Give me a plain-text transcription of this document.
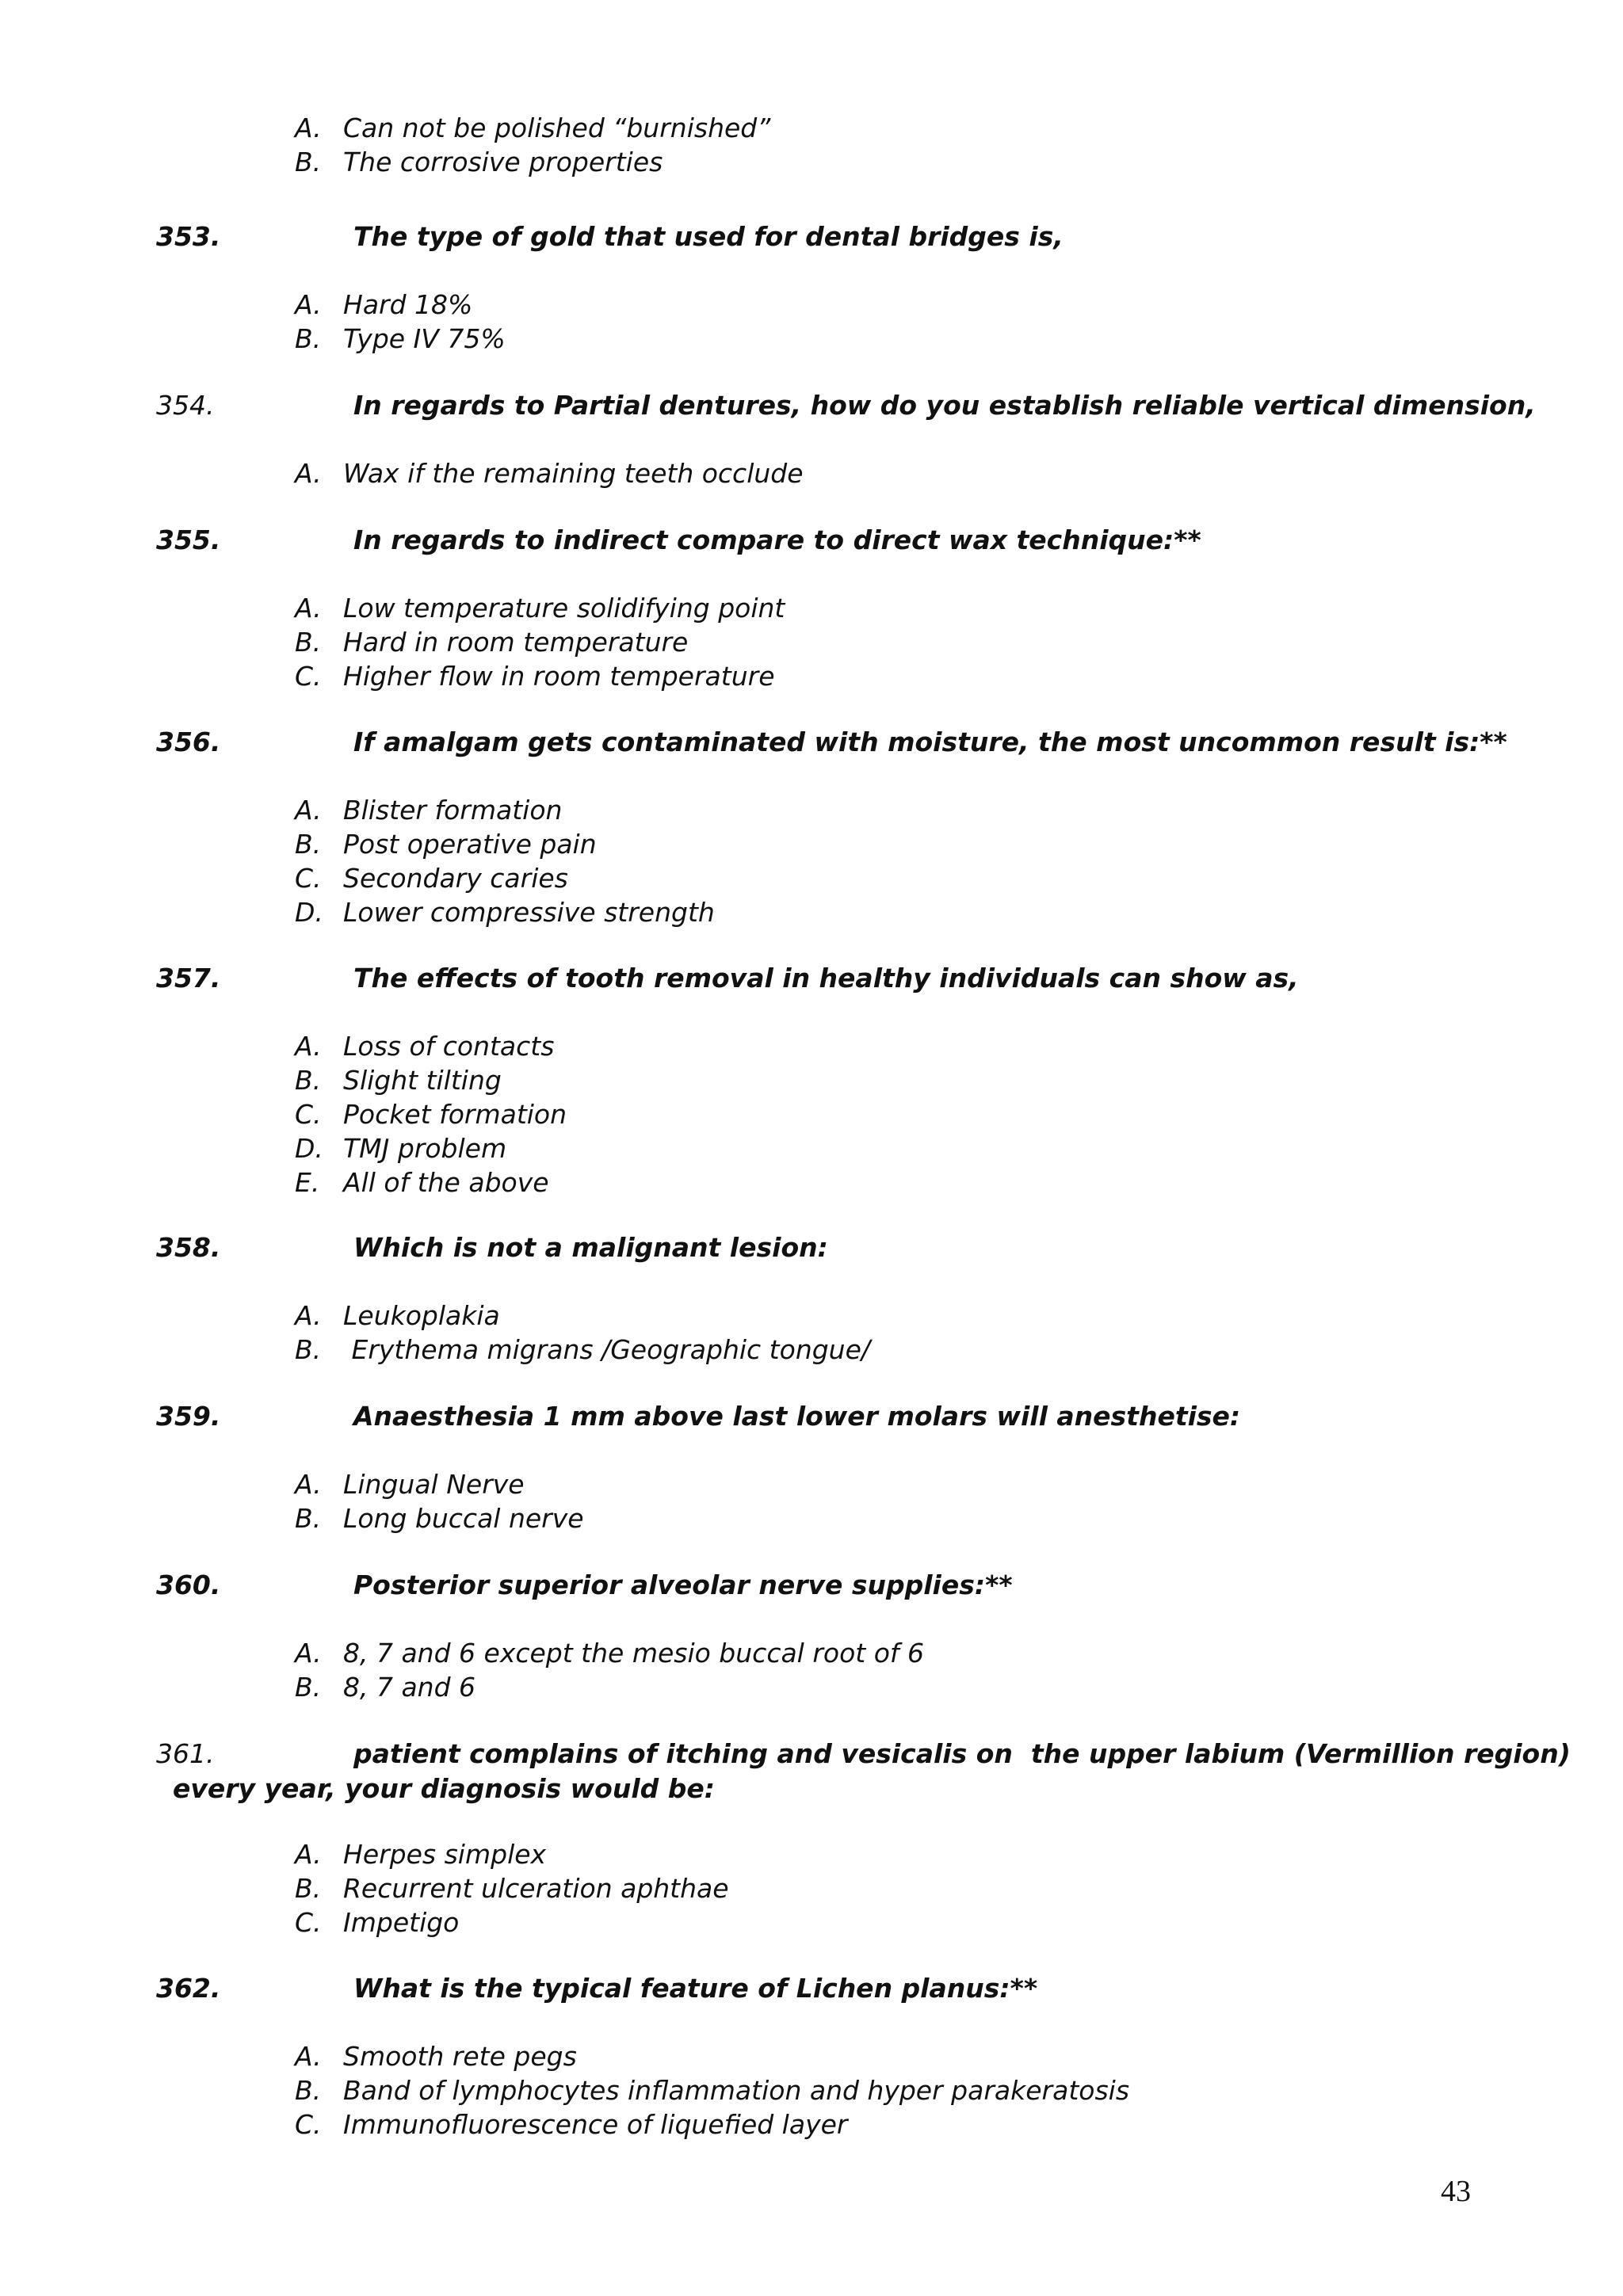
A. Can not be polished “burnished”
B. The corrosive properties
353.	The type of gold that used for dental bridges is,
A. Hard 18%
B. Type IV 75%
354.	In regards to Partial dentures, how do you establish reliable vertical dimension,
A. Wax if the remaining teeth occlude
355.	In regards to indirect compare to direct wax technique:**
A. Low temperature solidifying point
B. Hard in room temperature
C. Higher flow in room temperature
356.	If amalgam gets contaminated with moisture, the most uncommon result is:**
A. Blister formation
B. Post operative pain
C. Secondary caries
D. Lower compressive strength
357.	The effects of tooth removal in healthy individuals can show as,
A. Loss of contacts
B. Slight tilting
C. Pocket formation
D. TMJ problem
E. All of the above
358.	Which is not a malignant lesion:
A. Leukoplakia
B. Erythema migrans /Geographic tongue/
359.	Anaesthesia 1 mm above last lower molars will anesthetise:
A. Lingual Nerve
B. Long buccal nerve
360.	Posterior superior alveolar nerve supplies:**
A. 8, 7 and 6 except the mesio buccal root of 6
B. 8, 7 and 6
361.	patient complains of itching and vesicalis on  the upper labium (Vermillion region)
every year, your diagnosis would be:
A. Herpes simplex
B. Recurrent ulceration aphthae
C. Impetigo
362.	What is the typical feature of Lichen planus:**
A. Smooth rete pegs
B. Band of lymphocytes inflammation and hyper parakeratosis
C. Immunofluorescence of liquefied layer
43
